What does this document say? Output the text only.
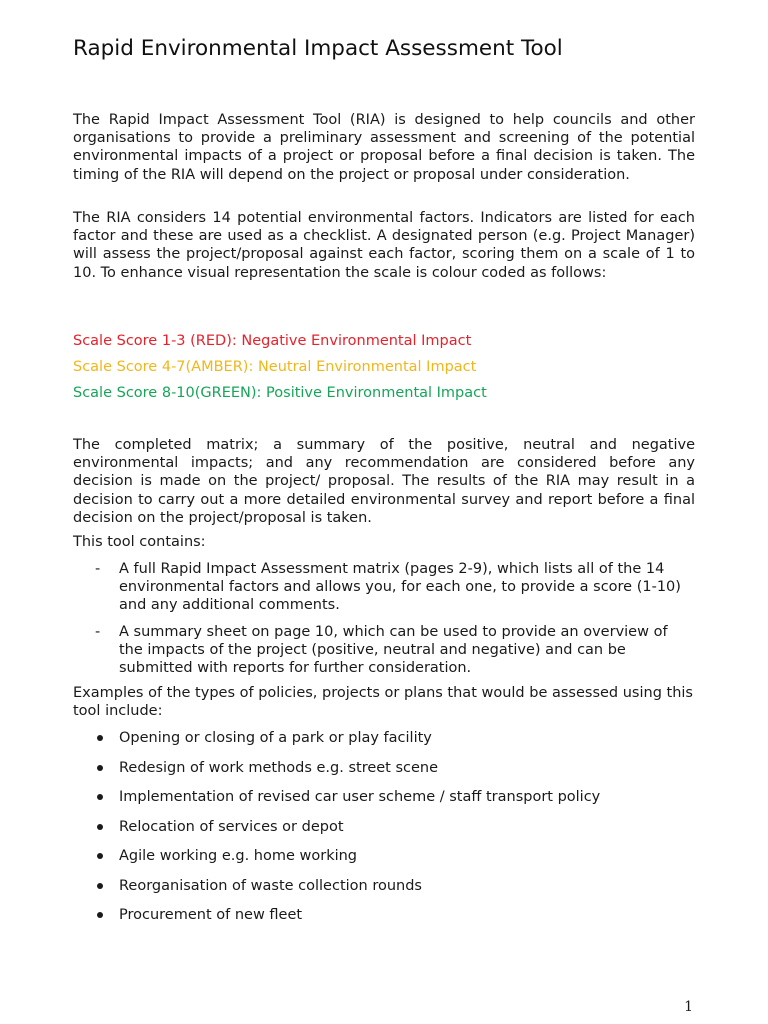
Rapid Environmental Impact Assessment Tool

The Rapid Impact Assessment Tool (RIA) is designed to help councils and other organisations to provide a preliminary assessment and screening of the potential environmental impacts of a project or proposal before a final decision is taken. The timing of the RIA will depend on the project or proposal under consideration.

The RIA considers 14 potential environmental factors. Indicators are listed for each factor and these are used as a checklist. A designated person (e.g. Project Manager) will assess the project/proposal against each factor, scoring them on a scale of 1 to 10. To enhance visual representation the scale is colour coded as follows:

Scale Score 1-3 (RED): Negative Environmental Impact

Scale Score 4-7(AMBER): Neutral Environmental Impact

Scale Score 8-10(GREEN): Positive Environmental Impact

The completed matrix; a summary of the positive, neutral and negative environmental impacts; and any recommendation are considered before any decision is made on the project/ proposal. The results of the RIA may result in a decision to carry out a more detailed environmental survey and report before a final decision on the project/proposal is taken.

This tool contains:

- A full Rapid Impact Assessment matrix (pages 2-9), which lists all of the 14 environmental factors and allows you, for each one, to provide a score (1-10) and any additional comments.

- A summary sheet on page 10, which can be used to provide an overview of the impacts of the project (positive, neutral and negative) and can be submitted with reports for further consideration.

Examples of the types of policies, projects or plans that would be assessed using this tool include:

Opening or closing of a park or play facility
Redesign of work methods e.g. street scene
Implementation of revised car user scheme / staff transport policy
Relocation of services or depot
Agile working e.g. home working
Reorganisation of waste collection rounds
Procurement of new fleet
1
